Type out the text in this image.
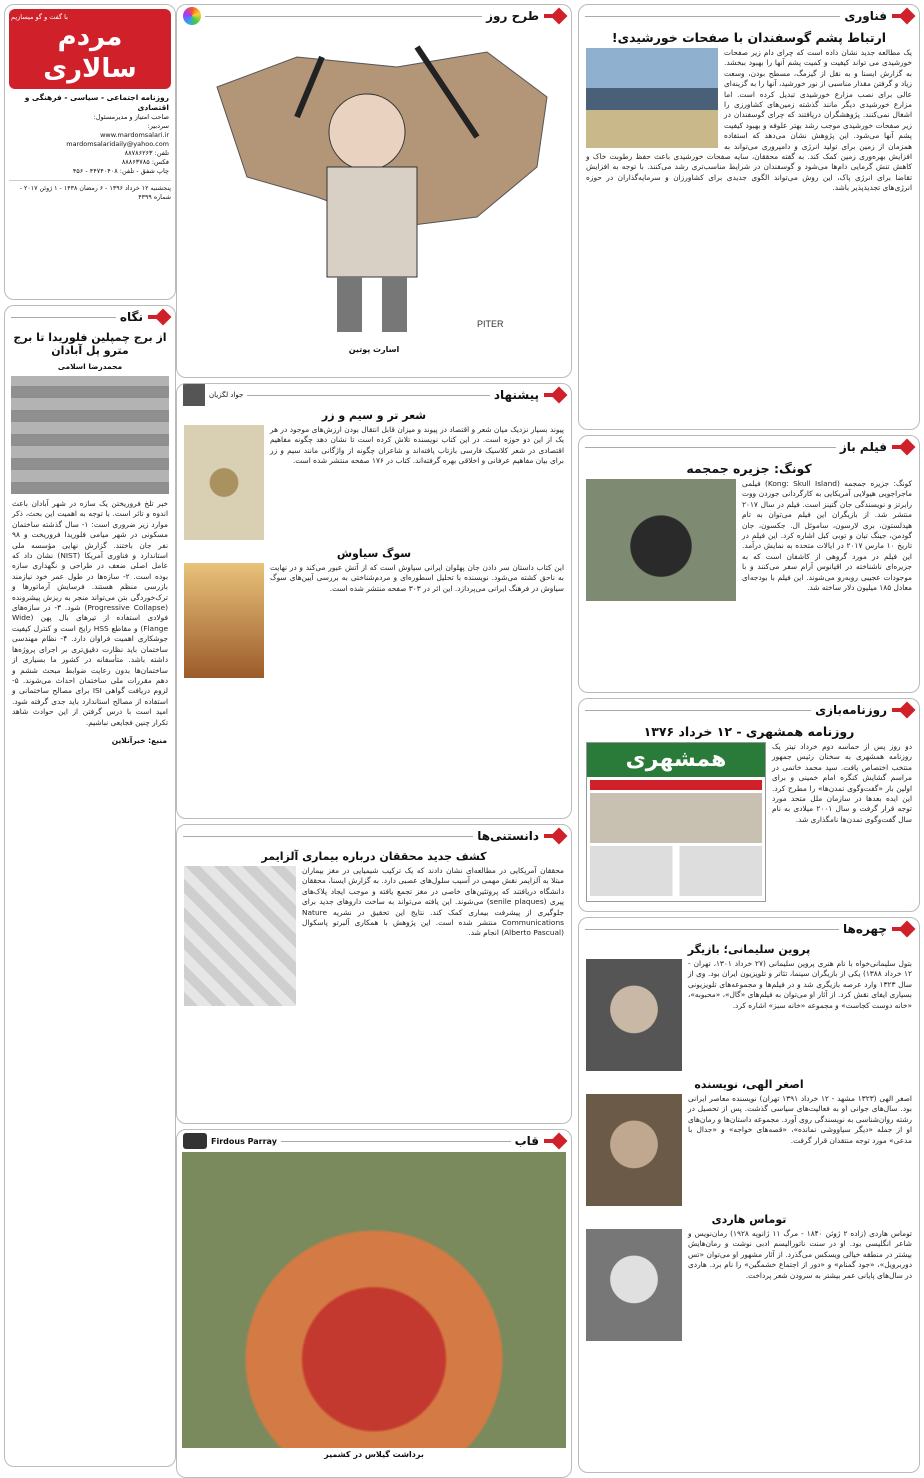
فناوری
ارتباط پشم گوسفندان با صفحات خورشیدی!
یک مطالعه جدید نشان داده است که چرای دام زیر صفحات خورشیدی می تواند کیفیت و کمیت پشم آنها را بهبود ببخشد. به گزارش ایسنا و به نقل از گیزمگ، مسطح بودن، وسعت زیاد و گرفتن مقدار مناسبی از نور خورشید، آنها را به گزینه‌ای عالی برای نصب مزارع خورشیدی تبدیل کرده است. اما مزارع خورشیدی دیگر مانند گذشته زمین‌های کشاورزی را اشغال نمی‌کنند. پژوهشگران دریافتند که چرای گوسفندان در زیر صفحات خورشیدی موجب رشد بهتر علوفه و بهبود کیفیت پشم آنها می‌شود. این پژوهش نشان می‌دهد که استفاده همزمان از زمین برای تولید انرژی و دامپروری می‌تواند به افزایش بهره‌وری زمین کمک کند. به گفته محققان، سایه صفحات خورشیدی باعث حفظ رطوبت خاک و کاهش تنش گرمایی دام‌ها می‌شود و گوسفندان در شرایط مناسب‌تری رشد می‌کنند. با توجه به افزایش تقاضا برای انرژی پاک، این روش می‌تواند الگوی جدیدی برای کشاورزان و سرمایه‌گذاران در حوزه انرژی‌های تجدیدپذیر باشد.
فیلم باز
کونگ: جزیره جمجمه
کونگ: جزیره جمجمه (Kong: Skull Island) فیلمی ماجراجویی هیولایی آمریکایی به کارگردانی جوردن ووت رابرتز و نویسندگی جان گتینز است. فیلم در سال ۲۰۱۷ منتشر شد. از بازیگران این فیلم می‌توان به تام هیدلستون، بری لارسون، ساموئل ال. جکسون، جان گودمن، جینگ تیان و توبی کبل اشاره کرد. این فیلم در تاریخ ۱۰ مارس ۲۰۱۷ در ایالات متحده به نمایش درآمد. این فیلم در مورد گروهی از کاشفان است که به جزیره‌ای ناشناخته در اقیانوس آرام سفر می‌کنند و با موجودات عجیبی روبه‌رو می‌شوند. این فیلم با بودجه‌ای معادل ۱۸۵ میلیون دلار ساخته شد.
روزنامه‌بازی
روزنامه همشهری - ۱۲ خرداد ۱۳۷۶
همشهری
دو روز پس از حماسه دوم خرداد تیتر یک روزنامه همشهری به سخنان رئیس جمهور منتخب اختصاص یافت. سید محمد خاتمی در مراسم گشایش کنگره امام خمینی و برای اولین بار «گفت‌وگوی تمدن‌ها» را مطرح کرد. این ایده بعدها در سازمان ملل متحد مورد توجه قرار گرفت و سال ۲۰۰۱ میلادی به نام سال گفت‌وگوی تمدن‌ها نامگذاری شد.
چهره‌ها
پروین سلیمانی؛ بازیگر
بتول سلیمانی‌خواه با نام هنری پروین سلیمانی (۲۷ خرداد ۱۳۰۱، تهران - ۱۲ خرداد ۱۳۸۸) یکی از بازیگران سینما، تئاتر و تلویزیون ایران بود. وی از سال ۱۳۲۳ وارد عرصه بازیگری شد و در فیلم‌ها و مجموعه‌های تلویزیونی بسیاری ایفای نقش کرد. از آثار او می‌توان به فیلم‌های «گال»، «محبوبه»، «خانه دوست کجاست» و مجموعه «خانه سبز» اشاره کرد.
اصغر الهی، نویسنده
اصغر الهی (۱۳۲۳ مشهد - ۱۲ خرداد ۱۳۹۱ تهران) نویسنده معاصر ایرانی بود. سال‌های جوانی او به فعالیت‌های سیاسی گذشت. پس از تحصیل در رشته روان‌شناسی به نویسندگی روی آورد. مجموعه داستان‌ها و رمان‌های او از جمله «دیگر سیاووشی نمانده»، «قصه‌های خواجه» و «جدال با مدعی» مورد توجه منتقدان قرار گرفت.
توماس هاردی
توماس هاردی (زاده ۲ ژوئن ۱۸۴۰ - مرگ ۱۱ ژانویه ۱۹۲۸) رمان‌نویس و شاعر انگلیسی بود. او در سنت ناتورالیسم ادبی نوشت و رمان‌هایش بیشتر در منطقه خیالی ویسکس می‌گذرد. از آثار مشهور او می‌توان «تس دوربرویل»، «جود گمنام» و «دور از اجتماع خشمگین» را نام برد. هاردی در سال‌های پایانی عمر بیشتر به سرودن شعر پرداخت.
طرح روز
PITER
اسارت پوتین
پیشنهاد
جواد لگزیان
شعر تر و سیم و زر
پیوند بسیار نزدیک میان شعر و اقتصاد در پیوند و میزان قابل انتقال بودن ارزش‌های موجود در هر یک از این دو حوزه است. در این کتاب نویسنده تلاش کرده است تا نشان دهد چگونه مفاهیم اقتصادی در شعر کلاسیک فارسی بازتاب یافته‌اند و شاعران چگونه از واژگانی مانند سیم و زر برای بیان مفاهیم عرفانی و اخلاقی بهره گرفته‌اند. کتاب در ۱۷۶ صفحه منتشر شده است.
سوگ سیاوش
این کتاب داستان سر دادن جان پهلوان ایرانی سیاوش است که از آتش عبور می‌کند و در نهایت به ناحق کشته می‌شود. نویسنده با تحلیل اسطوره‌ای و مردم‌شناختی به بررسی آیین‌های سوگ سیاوش در فرهنگ ایرانی می‌پردازد. این اثر در ۳۰۳ صفحه منتشر شده است.
دانستنی‌ها
کشف جدید محققان درباره بیماری آلزایمر
محققان آمریکایی در مطالعه‌ای نشان دادند که یک ترکیب شیمیایی در مغز بیماران مبتلا به آلزایمر نقش مهمی در آسیب سلول‌های عصبی دارد. به گزارش ایسنا، محققان دانشگاه دریافتند که پروتئین‌های خاصی در مغز تجمع یافته و موجب ایجاد پلاک‌های پیری (senile plaques) می‌شوند. این یافته می‌تواند به ساخت داروهای جدید برای جلوگیری از پیشرفت بیماری کمک کند. نتایج این تحقیق در نشریه Nature Communications منتشر شده است. این پژوهش با همکاری آلبرتو پاسکوال (Alberto Pascual) انجام شد.
قاب
Firdous Parray
برداشت گیلاس در کشمیر
با گفت و گو میسازیم
مردم سالاری
روزنامه اجتماعی - سیاسی - فرهنگی و اقتصادی
صاحب امتیاز و مدیرمسئول:
سردبیر:
www.mardomsalari.ir
mardomsalaridaily@yahoo.com
تلفن: ۸۸۷۸۶۲۶۳
فکس: ۸۸۸۶۳۷۸۵
چاپ شفق - تلفن: ۴۴۷۴۰۴۰۸ - ۴۵۶
پنجشنبه ۱۲ خرداد ۱۳۹۶ - ۶ رمضان ۱۴۳۸ - ۱ ژوئن ۲۰۱۷ - شماره ۴۳۹۹
نگاه
از برج چمپلین فلوریدا تا برج مترو پل آبادان
محمدرضا اسلامی
خبر تلخ فروریختن یک سازه در شهر آبادان باعث اندوه و تاثر است. با توجه به اهمیت این بحث، ذکر موارد زیر ضروری است: ۱- سال گذشته ساختمان مسکونی در شهر میامی فلوریدا فروریخت و ۹۸ نفر جان باختند. گزارش نهایی مؤسسه ملی استاندارد و فناوری آمریکا (NIST) نشان داد که عامل اصلی ضعف در طراحی و نگهداری سازه بوده است. ۲- سازه‌ها در طول عمر خود نیازمند بازرسی منظم هستند. فرسایش آرماتورها و ترک‌خوردگی بتن می‌تواند منجر به ریزش پیشرونده (Progressive Collapse) شود. ۳- در سازه‌های فولادی استفاده از تیرهای بال پهن (Wide Flange) و مقاطع HSS رایج است و کنترل کیفیت جوشکاری اهمیت فراوان دارد. ۴- نظام مهندسی ساختمان باید نظارت دقیق‌تری بر اجرای پروژه‌ها داشته باشد. متأسفانه در کشور ما بسیاری از ساختمان‌ها بدون رعایت ضوابط مبحث ششم و دهم مقررات ملی ساختمان احداث می‌شوند. ۵- لزوم دریافت گواهی ISI برای مصالح ساختمانی و استفاده از مصالح استاندارد باید جدی گرفته شود. امید است با درس گرفتن از این حوادث شاهد تکرار چنین فجایعی نباشیم.
منبع: خبرآنلاین
